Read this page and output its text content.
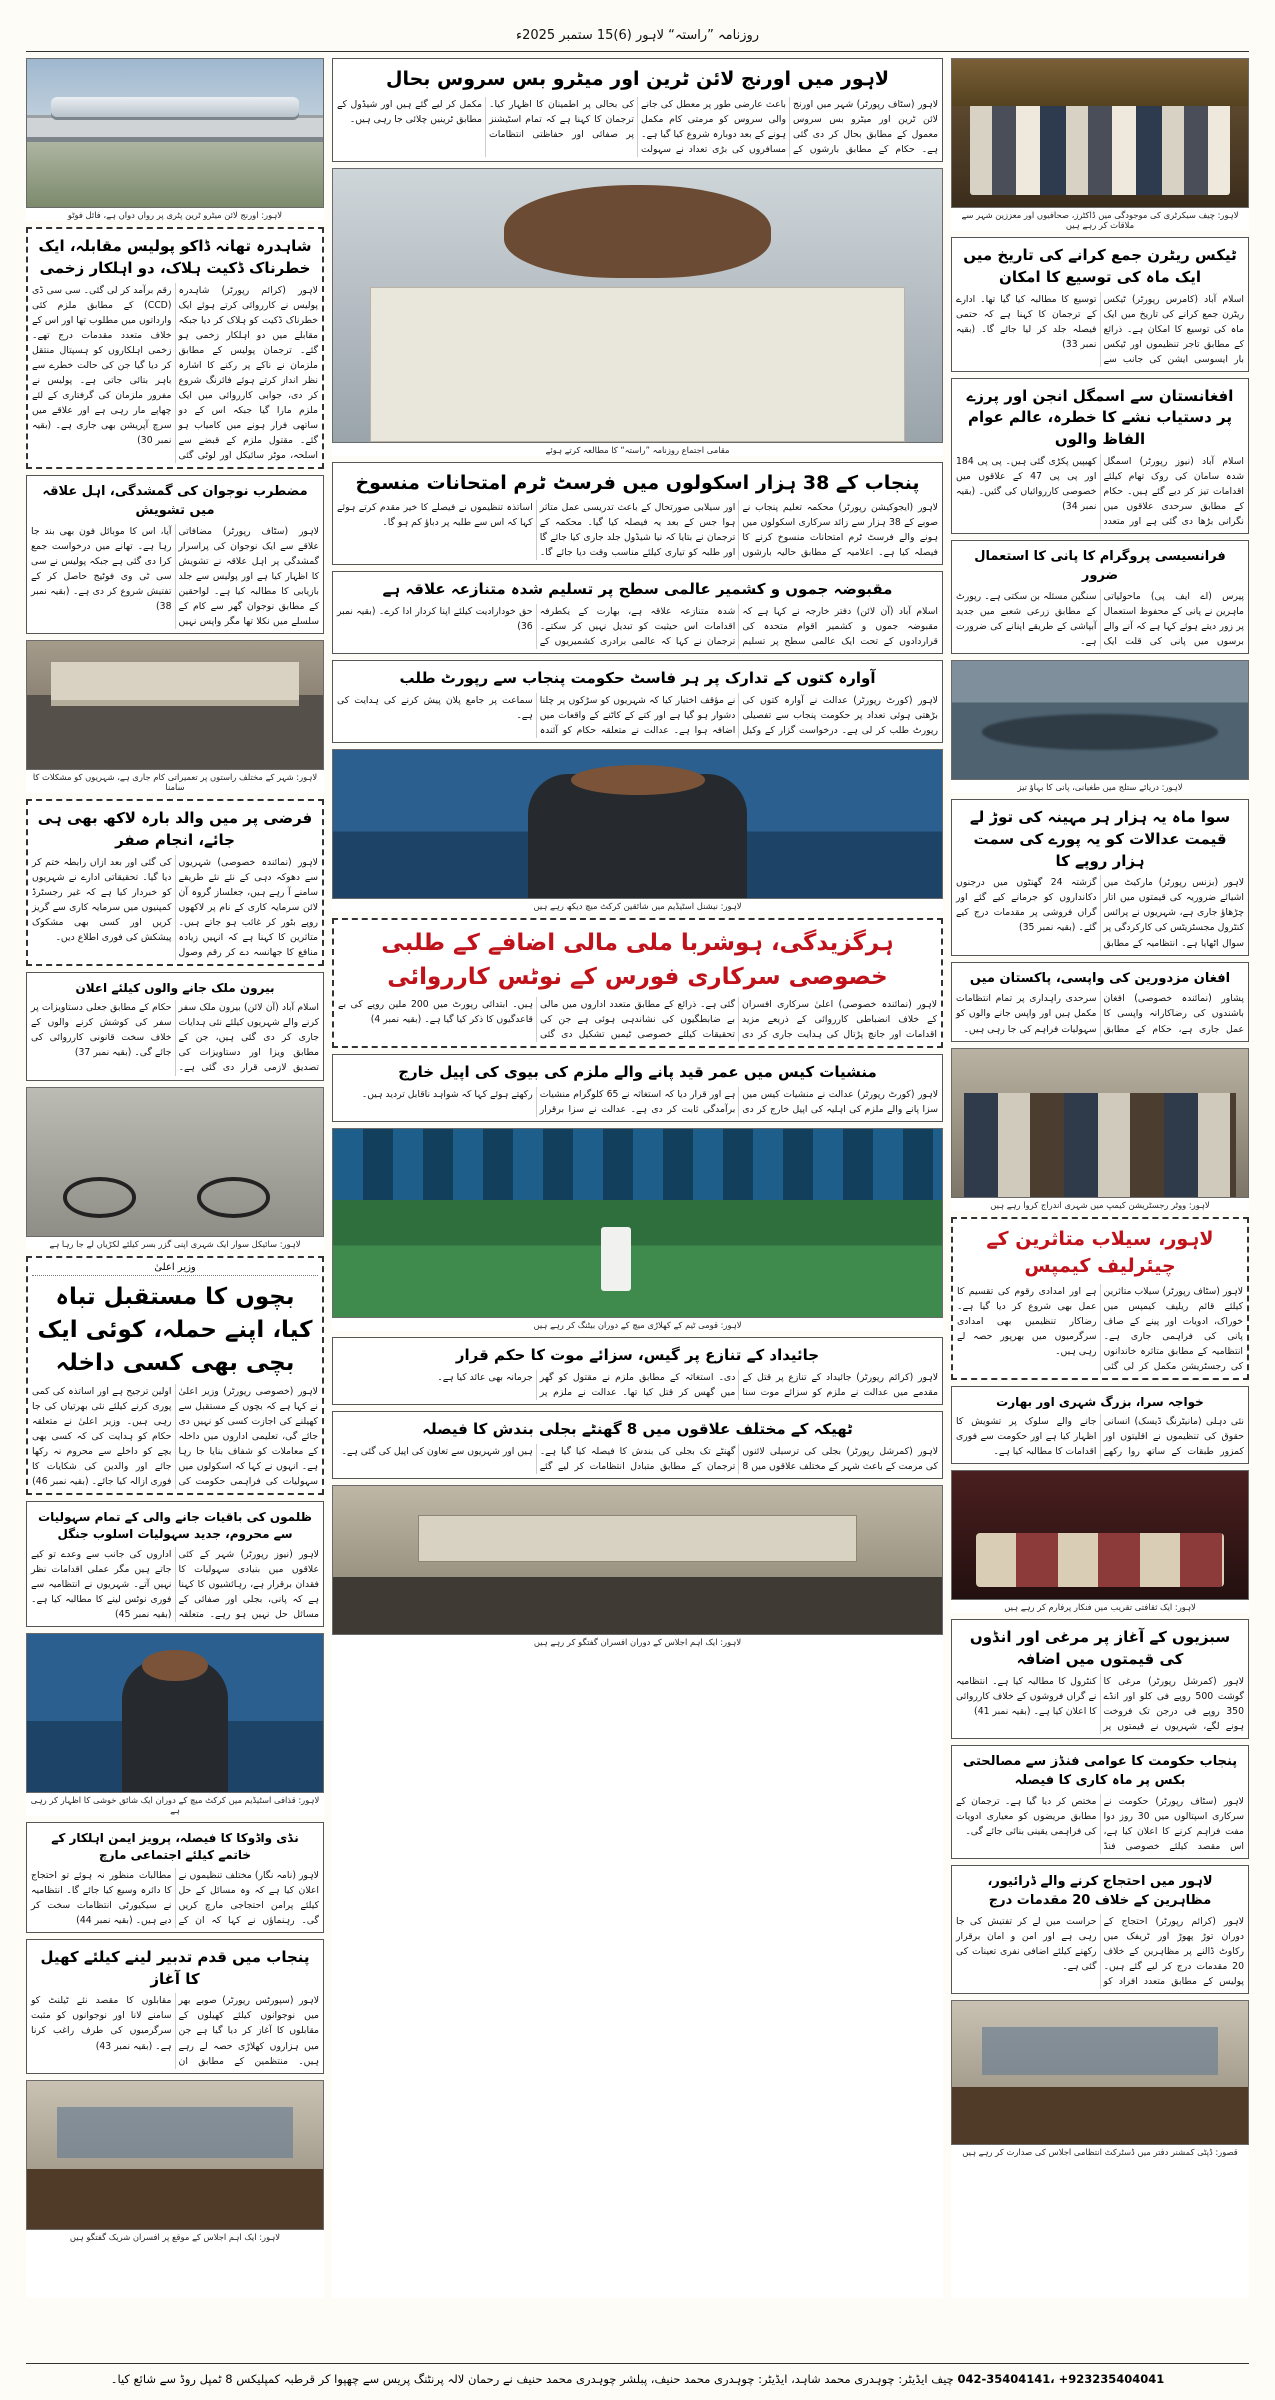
روزنامہ ”راستہ“ لاہور (6)15 ستمبر 2025ء
لاہور: چیف سیکرٹری کی موجودگی میں ڈاکٹرز، صحافیوں اور معززین شہر سے ملاقات کر رہے ہیں
ٹیکس ریٹرن جمع کرانے کی تاریخ میں ایک ماہ کی توسیع کا امکان
اسلام آباد (کامرس رپورٹر) ٹیکس ریٹرن جمع کرانے کی تاریخ میں ایک ماہ کی توسیع کا امکان ہے۔ ذرائع کے مطابق تاجر تنظیموں اور ٹیکس بار ایسوسی ایشن کی جانب سے توسیع کا مطالبہ کیا گیا تھا۔ ادارے کے ترجمان کا کہنا ہے کہ حتمی فیصلہ جلد کر لیا جائے گا۔ (بقیہ نمبر 33)
افغانستان سے اسمگل انجن اور پرزے پر دستیاب نشے کا خطرہ، عالم عوام الفاظ والوں
اسلام آباد (نیوز رپورٹر) اسمگل شدہ سامان کی روک تھام کیلئے اقدامات تیز کر دیے گئے ہیں۔ حکام کے مطابق سرحدی علاقوں میں نگرانی بڑھا دی گئی ہے اور متعدد کھیپیں پکڑی گئی ہیں۔ پی پی 184 اور پی پی 47 کے علاقوں میں خصوصی کارروائیاں کی گئیں۔ (بقیہ نمبر 34)
فرانسیسی پروگرام کا پانی کا استعمال ضرور
پیرس (اے ایف پی) ماحولیاتی ماہرین نے پانی کے محفوظ استعمال پر زور دیتے ہوئے کہا ہے کہ آنے والے برسوں میں پانی کی قلت ایک سنگین مسئلہ بن سکتی ہے۔ رپورٹ کے مطابق زرعی شعبے میں جدید آبپاشی کے طریقے اپنانے کی ضرورت ہے۔
لاہور: دریائے ستلج میں طغیانی، پانی کا بہاؤ تیز
سوا ماہ یہ ہزار ہر مہینہ کی توڑ لے قیمت عدالات کو یہ پورے کی سمت ہزار روپے کا
لاہور (بزنس رپورٹر) مارکیٹ میں اشیائے ضروریہ کی قیمتوں میں اتار چڑھاؤ جاری ہے، شہریوں نے پرائس کنٹرول مجسٹریٹس کی کارکردگی پر سوال اٹھایا ہے۔ انتظامیہ کے مطابق گزشتہ 24 گھنٹوں میں درجنوں دکانداروں کو جرمانے کیے گئے اور گراں فروشی پر مقدمات درج کیے گئے۔ (بقیہ نمبر 35)
افغان مزدورین کی واپسی، پاکستان میں
پشاور (نمائندہ خصوصی) افغان باشندوں کی رضاکارانہ واپسی کا عمل جاری ہے، حکام کے مطابق سرحدی راہداری پر تمام انتظامات مکمل ہیں اور واپس جانے والوں کو سہولیات فراہم کی جا رہی ہیں۔
لاہور: ووٹر رجسٹریشن کیمپ میں شہری اندراج کروا رہے ہیں
لاہور، سیلاب متاثرین کے چیئرلیف کیمپس
لاہور (سٹاف رپورٹر) سیلاب متاثرین کیلئے قائم ریلیف کیمپس میں خوراک، ادویات اور پینے کے صاف پانی کی فراہمی جاری ہے۔ انتظامیہ کے مطابق متاثرہ خاندانوں کی رجسٹریشن مکمل کر لی گئی ہے اور امدادی رقوم کی تقسیم کا عمل بھی شروع کر دیا گیا ہے۔ رضاکار تنظیمیں بھی امدادی سرگرمیوں میں بھرپور حصہ لے رہی ہیں۔
خواجہ سرا، بزرگ شہری اور بھارت
نئی دہلی (مانیٹرنگ ڈیسک) انسانی حقوق کی تنظیموں نے اقلیتوں اور کمزور طبقات کے ساتھ روا رکھے جانے والے سلوک پر تشویش کا اظہار کیا ہے اور حکومت سے فوری اقدامات کا مطالبہ کیا ہے۔
لاہور: ایک ثقافتی تقریب میں فنکار پرفارم کر رہے ہیں
سبزیوں کے آغاز پر مرغی اور انڈوں کی قیمتوں میں اضافہ
لاہور (کمرشل رپورٹر) مرغی کا گوشت 500 روپے فی کلو اور انڈے 350 روپے فی درجن تک فروخت ہونے لگے، شہریوں نے قیمتوں پر کنٹرول کا مطالبہ کیا ہے۔ انتظامیہ نے گراں فروشوں کے خلاف کارروائی کا اعلان کیا ہے۔ (بقیہ نمبر 41)
پنجاب حکومت کا عوامی فنڈز سے مصالحتی بکس پر ماہ کاری کا فیصلہ
لاہور (سٹاف رپورٹر) حکومت نے سرکاری اسپتالوں میں 30 روز دوا مفت فراہم کرنے کا اعلان کیا ہے، اس مقصد کیلئے خصوصی فنڈ مختص کر دیا گیا ہے۔ ترجمان کے مطابق مریضوں کو معیاری ادویات کی فراہمی یقینی بنائی جائے گی۔
لاہور میں احتجاج کرنے والے ڈرائیور، مظاہرین کے خلاف 20 مقدمات درج
لاہور (کرائم رپورٹر) احتجاج کے دوران توڑ پھوڑ اور ٹریفک میں رکاوٹ ڈالنے پر مظاہرین کے خلاف 20 مقدمات درج کر لیے گئے ہیں۔ پولیس کے مطابق متعدد افراد کو حراست میں لے کر تفتیش کی جا رہی ہے اور امن و امان برقرار رکھنے کیلئے اضافی نفری تعینات کی گئی ہے۔
قصور: ڈپٹی کمشنر دفتر میں ڈسٹرکٹ انتظامی اجلاس کی صدارت کر رہے ہیں
لاہور میں اورنج لائن ٹرین اور میٹرو بس سروس بحال
لاہور (سٹاف رپورٹر) شہر میں اورنج لائن ٹرین اور میٹرو بس سروس معمول کے مطابق بحال کر دی گئی ہے۔ حکام کے مطابق بارشوں کے باعث عارضی طور پر معطل کی جانے والی سروس کو مرمتی کام مکمل ہونے کے بعد دوبارہ شروع کیا گیا ہے۔ مسافروں کی بڑی تعداد نے سہولت کی بحالی پر اطمینان کا اظہار کیا۔ ترجمان کا کہنا ہے کہ تمام اسٹیشنز پر صفائی اور حفاظتی انتظامات مکمل کر لیے گئے ہیں اور شیڈول کے مطابق ٹرینیں چلائی جا رہی ہیں۔
مقامی اجتماع روزنامہ ”راستہ“ کا مطالعہ کرتے ہوئے
پنجاب کے 38 ہزار اسکولوں میں فرسٹ ٹرم امتحانات منسوخ
لاہور (ایجوکیشن رپورٹر) محکمہ تعلیم پنجاب نے صوبے کے 38 ہزار سے زائد سرکاری اسکولوں میں ہونے والے فرسٹ ٹرم امتحانات منسوخ کرنے کا فیصلہ کیا ہے۔ اعلامیہ کے مطابق حالیہ بارشوں اور سیلابی صورتحال کے باعث تدریسی عمل متاثر ہوا جس کے بعد یہ فیصلہ کیا گیا۔ محکمہ کے ترجمان نے بتایا کہ نیا شیڈول جلد جاری کیا جائے گا اور طلبہ کو تیاری کیلئے مناسب وقت دیا جائے گا۔ اساتذہ تنظیموں نے فیصلے کا خیر مقدم کرتے ہوئے کہا کہ اس سے طلبہ پر دباؤ کم ہو گا۔
مقبوضہ جموں و کشمیر عالمی سطح پر تسلیم شدہ متنازعہ علاقہ ہے
اسلام آباد (آن لائن) دفتر خارجہ نے کہا ہے کہ مقبوضہ جموں و کشمیر اقوام متحدہ کی قراردادوں کے تحت ایک عالمی سطح پر تسلیم شدہ متنازعہ علاقہ ہے، بھارت کے یکطرفہ اقدامات اس حیثیت کو تبدیل نہیں کر سکتے۔ ترجمان نے کہا کہ عالمی برادری کشمیریوں کے حق خودارادیت کیلئے اپنا کردار ادا کرے۔ (بقیہ نمبر 36)
آوارہ کتوں کے تدارک پر ہر فاسٹ حکومت پنجاب سے رپورٹ طلب
لاہور (کورٹ رپورٹر) عدالت نے آوارہ کتوں کی بڑھتی ہوئی تعداد پر حکومت پنجاب سے تفصیلی رپورٹ طلب کر لی ہے۔ درخواست گزار کے وکیل نے مؤقف اختیار کیا کہ شہریوں کو سڑکوں پر چلنا دشوار ہو گیا ہے اور کتے کے کاٹنے کے واقعات میں اضافہ ہوا ہے۔ عدالت نے متعلقہ حکام کو آئندہ سماعت پر جامع پلان پیش کرنے کی ہدایت کی ہے۔
لاہور: نیشنل اسٹیڈیم میں شائقین کرکٹ میچ دیکھ رہے ہیں
ہرگزیدگی، ہوشربا ملی مالی اضافے کے طلبی خصوصی سرکاری فورس کے نوٹس کارروائی
لاہور (نمائندہ خصوصی) اعلیٰ سرکاری افسران کے خلاف انضباطی کارروائی کے ذریعے مزید اقدامات اور جانچ پڑتال کی ہدایت جاری کر دی گئی ہے۔ ذرائع کے مطابق متعدد اداروں میں مالی بے ضابطگیوں کی نشاندہی ہوئی ہے جن کی تحقیقات کیلئے خصوصی ٹیمیں تشکیل دی گئی ہیں۔ ابتدائی رپورٹ میں 200 ملین روپے کی بے قاعدگیوں کا ذکر کیا گیا ہے۔ (بقیہ نمبر 4)
منشیات کیس میں عمر قید پانے والے ملزم کی بیوی کی اپیل خارج
لاہور (کورٹ رپورٹر) عدالت نے منشیات کیس میں سزا پانے والے ملزم کی اہلیہ کی اپیل خارج کر دی ہے اور قرار دیا کہ استغاثہ نے 65 کلوگرام منشیات برآمدگی ثابت کر دی ہے۔ عدالت نے سزا برقرار رکھتے ہوئے کہا کہ شواہد ناقابل تردید ہیں۔
لاہور: قومی ٹیم کے کھلاڑی میچ کے دوران بیٹنگ کر رہے ہیں
جائیداد کے تنازع پر گیس، سزائے موت کا حکم قرار
لاہور (کرائم رپورٹر) جائیداد کے تنازع پر قتل کے مقدمے میں عدالت نے ملزم کو سزائے موت سنا دی۔ استغاثہ کے مطابق ملزم نے مقتول کو گھر میں گھس کر قتل کیا تھا۔ عدالت نے ملزم پر جرمانہ بھی عائد کیا ہے۔
ٹھیکہ کے مختلف علاقوں میں 8 گھنٹے بجلی بندش کا فیصلہ
لاہور (کمرشل رپورٹر) بجلی کی ترسیلی لائنوں کی مرمت کے باعث شہر کے مختلف علاقوں میں 8 گھنٹے تک بجلی کی بندش کا فیصلہ کیا گیا ہے۔ ترجمان کے مطابق متبادل انتظامات کر لیے گئے ہیں اور شہریوں سے تعاون کی اپیل کی گئی ہے۔
لاہور: ایک اہم اجلاس کے دوران افسران گفتگو کر رہے ہیں
لاہور: اورنج لائن میٹرو ٹرین پٹری پر رواں دواں ہے، فائل فوٹو
شاہدرہ تھانہ ڈاکو پولیس مقابلہ، ایک خطرناک ڈکیت ہلاک، دو اہلکار زخمی
لاہور (کرائم رپورٹر) شاہدرہ پولیس نے کارروائی کرتے ہوئے ایک خطرناک ڈکیت کو ہلاک کر دیا جبکہ مقابلے میں دو اہلکار زخمی ہو گئے۔ ترجمان پولیس کے مطابق ملزمان نے ناکے پر رکنے کا اشارہ نظر انداز کرتے ہوئے فائرنگ شروع کر دی، جوابی کارروائی میں ایک ملزم مارا گیا جبکہ اس کے دو ساتھی فرار ہونے میں کامیاب ہو گئے۔ مقتول ملزم کے قبضے سے اسلحہ، موٹر سائیکل اور لوٹی گئی رقم برآمد کر لی گئی۔ سی سی ڈی (CCD) کے مطابق ملزم کئی وارداتوں میں مطلوب تھا اور اس کے خلاف متعدد مقدمات درج تھے۔ زخمی اہلکاروں کو ہسپتال منتقل کر دیا گیا جن کی حالت خطرے سے باہر بتائی جاتی ہے۔ پولیس نے مفرور ملزمان کی گرفتاری کے لئے چھاپے مار رہی ہے اور علاقے میں سرچ آپریشن بھی جاری ہے۔ (بقیہ نمبر 30)
مضطرب نوجوان کی گمشدگی، اہل علاقہ میں تشویش
لاہور (سٹاف رپورٹر) مضافاتی علاقے سے ایک نوجوان کی پراسرار گمشدگی پر اہل علاقہ نے تشویش کا اظہار کیا ہے اور پولیس سے جلد بازیابی کا مطالبہ کیا ہے۔ لواحقین کے مطابق نوجوان گھر سے کام کے سلسلے میں نکلا تھا مگر واپس نہیں آیا، اس کا موبائل فون بھی بند جا رہا ہے۔ تھانے میں درخواست جمع کرا دی گئی ہے جبکہ پولیس نے سی سی ٹی وی فوٹیج حاصل کر کے تفتیش شروع کر دی ہے۔ (بقیہ نمبر 38)
لاہور: شہر کے مختلف راستوں پر تعمیراتی کام جاری ہے، شہریوں کو مشکلات کا سامنا
فرضی پر میں والد بارہ لاکھ بھی ہی جائے، انجام صفر
لاہور (نمائندہ خصوصی) شہریوں سے دھوکہ دہی کے نئے نئے طریقے سامنے آ رہے ہیں، جعلساز گروہ آن لائن سرمایہ کاری کے نام پر لاکھوں روپے بٹور کر غائب ہو جاتے ہیں۔ متاثرین کا کہنا ہے کہ انہیں زیادہ منافع کا جھانسہ دے کر رقم وصول کی گئی اور بعد ازاں رابطہ ختم کر دیا گیا۔ تحقیقاتی ادارے نے شہریوں کو خبردار کیا ہے کہ غیر رجسٹرڈ کمپنیوں میں سرمایہ کاری سے گریز کریں اور کسی بھی مشکوک پیشکش کی فوری اطلاع دیں۔
بیرون ملک جانے والوں کیلئے اعلان
اسلام آباد (آن لائن) بیرون ملک سفر کرنے والے شہریوں کیلئے نئی ہدایات جاری کر دی گئی ہیں، جن کے مطابق ویزا اور دستاویزات کی تصدیق لازمی قرار دی گئی ہے۔ حکام کے مطابق جعلی دستاویزات پر سفر کی کوشش کرنے والوں کے خلاف سخت قانونی کارروائی کی جائے گی۔ (بقیہ نمبر 37)
لاہور: سائیکل سوار ایک شہری اپنی گزر بسر کیلئے لکڑیاں لے جا رہا ہے
وزیر اعلیٰ
بچوں کا مستقبل تباہ کیا، اپنے حملہ، کوئی ایک بچی بھی کسی داخلہ
لاہور (خصوصی رپورٹر) وزیر اعلیٰ نے کہا ہے کہ بچوں کے مستقبل سے کھیلنے کی اجازت کسی کو نہیں دی جائے گی، تعلیمی اداروں میں داخلہ کے معاملات کو شفاف بنایا جا رہا ہے۔ انہوں نے کہا کہ اسکولوں میں سہولیات کی فراہمی حکومت کی اولین ترجیح ہے اور اساتذہ کی کمی پوری کرنے کیلئے نئی بھرتیاں کی جا رہی ہیں۔ وزیر اعلیٰ نے متعلقہ حکام کو ہدایت کی کہ کسی بھی بچے کو داخلے سے محروم نہ رکھا جائے اور والدین کی شکایات کا فوری ازالہ کیا جائے۔ (بقیہ نمبر 46)
ظلموں کی باقیات جانے والی کے تمام سہولیات سے محروم، جدید سہولیات اسلوب جنگل
لاہور (نیوز رپورٹر) شہر کے کئی علاقوں میں بنیادی سہولیات کا فقدان برقرار ہے، رہائشیوں کا کہنا ہے کہ پانی، بجلی اور صفائی کے مسائل حل نہیں ہو رہے۔ متعلقہ اداروں کی جانب سے وعدے تو کیے جاتے ہیں مگر عملی اقدامات نظر نہیں آتے۔ شہریوں نے انتظامیہ سے فوری نوٹس لینے کا مطالبہ کیا ہے۔ (بقیہ نمبر 45)
لاہور: قذافی اسٹیڈیم میں کرکٹ میچ کے دوران ایک شائق خوشی کا اظہار کر رہی ہے
نڈی واڈوکا کا فیصلہ، پرویز ایمن اہلکار کے خاتمے کیلئے اجتماعی مارچ
لاہور (نامہ نگار) مختلف تنظیموں نے اعلان کیا ہے کہ وہ مسائل کے حل کیلئے پرامن احتجاجی مارچ کریں گی۔ رہنماؤں نے کہا کہ ان کے مطالبات منظور نہ ہوئے تو احتجاج کا دائرہ وسیع کیا جائے گا۔ انتظامیہ نے سیکیورٹی انتظامات سخت کر دیے ہیں۔ (بقیہ نمبر 44)
پنجاب میں قدم تدبیر لینے کیلئے کھیل کا آغاز
لاہور (سپورٹس رپورٹر) صوبے بھر میں نوجوانوں کیلئے کھیلوں کے مقابلوں کا آغاز کر دیا گیا ہے جن میں ہزاروں کھلاڑی حصہ لے رہے ہیں۔ منتظمین کے مطابق ان مقابلوں کا مقصد نئے ٹیلنٹ کو سامنے لانا اور نوجوانوں کو مثبت سرگرمیوں کی طرف راغب کرنا ہے۔ (بقیہ نمبر 43)
لاہور: ایک اہم اجلاس کے موقع پر افسران شریک گفتگو ہیں
042-35404141، +923235404041 چیف ایڈیٹر: چوہدری محمد شاہد، ایڈیٹر: چوہدری محمد حنیف، پبلشر چوہدری محمد حنیف نے رحمان لالہ پرنٹنگ پریس سے چھپوا کر قرطبہ کمپلیکس 8 ٹمپل روڈ سے شائع کیا۔
